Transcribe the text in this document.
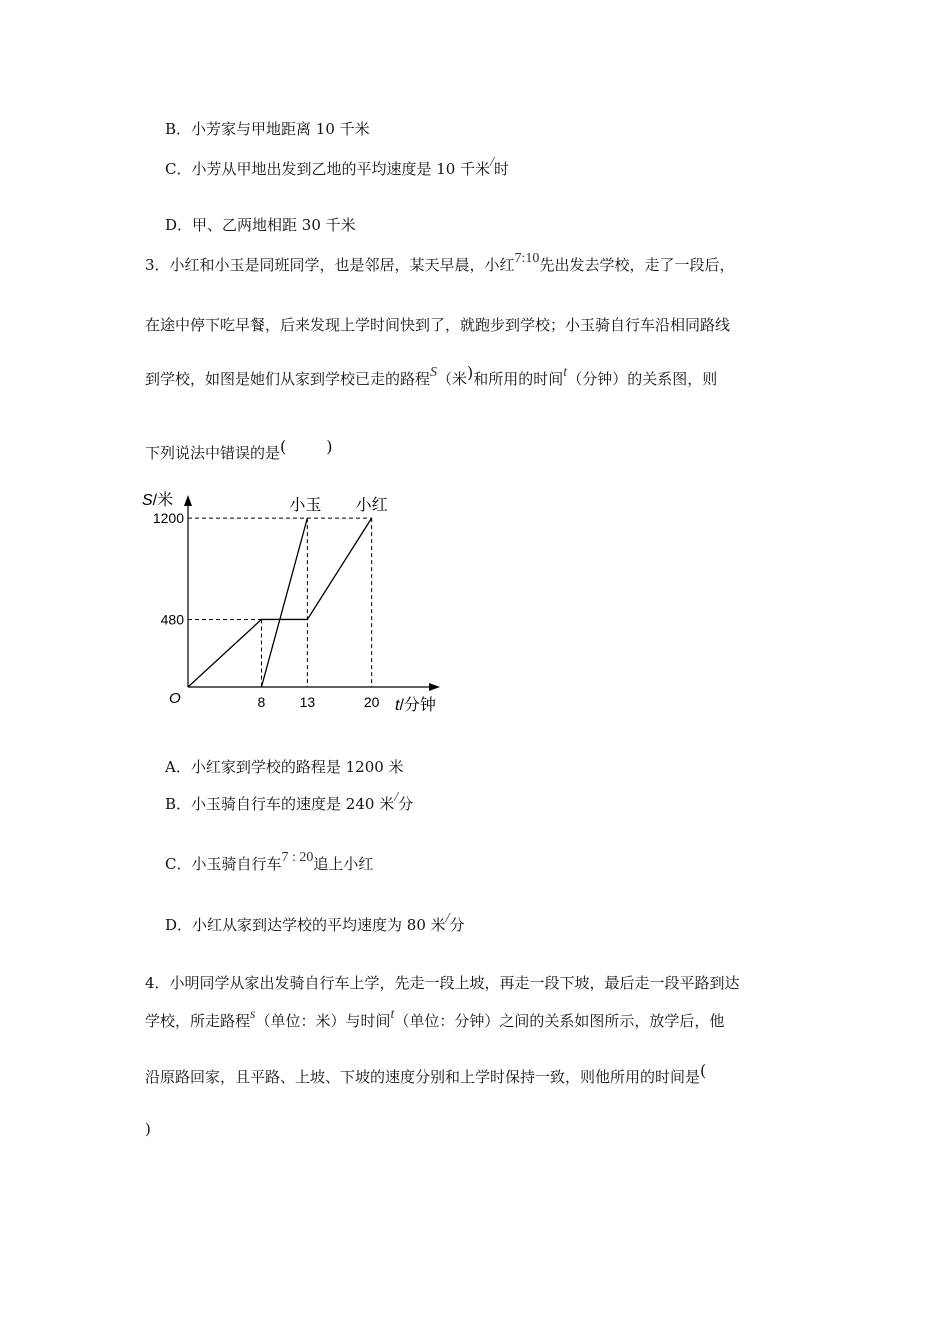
B．小芳家与甲地距离 10 千米
C．小芳从甲地出发到乙地的平均速度是 10 千米/时
D．甲、乙两地相距 30 千米
3．小红和小玉是同班同学，也是邻居，某天早晨，小红7:10先出发去学校，走了一段后，
在途中停下吃早餐，后来发现上学时间快到了，就跑步到学校；小玉骑自行车沿相同路线
到学校，如图是她们从家到学校已走的路程S（米)和所用的时间t（分钟）的关系图，则
下列说法中错误的是(	)
S/米
t/分钟
O	8 13	20
480
1200
小玉 小红
A．小红家到学校的路程是 1200 米
B．小玉骑自行车的速度是 240 米/分
C．小玉骑自行车7 : 20追上小红
D．小红从家到达学校的平均速度为 80 米/分
4．小明同学从家出发骑自行车上学，先走一段上坡，再走一段下坡，最后走一段平路到达
学校，所走路程s（单位：米）与时间t（单位：分钟）之间的关系如图所示，放学后，他
沿原路回家，且平路、上坡、下坡的速度分别和上学时保持一致，则他所用的时间是(
)
